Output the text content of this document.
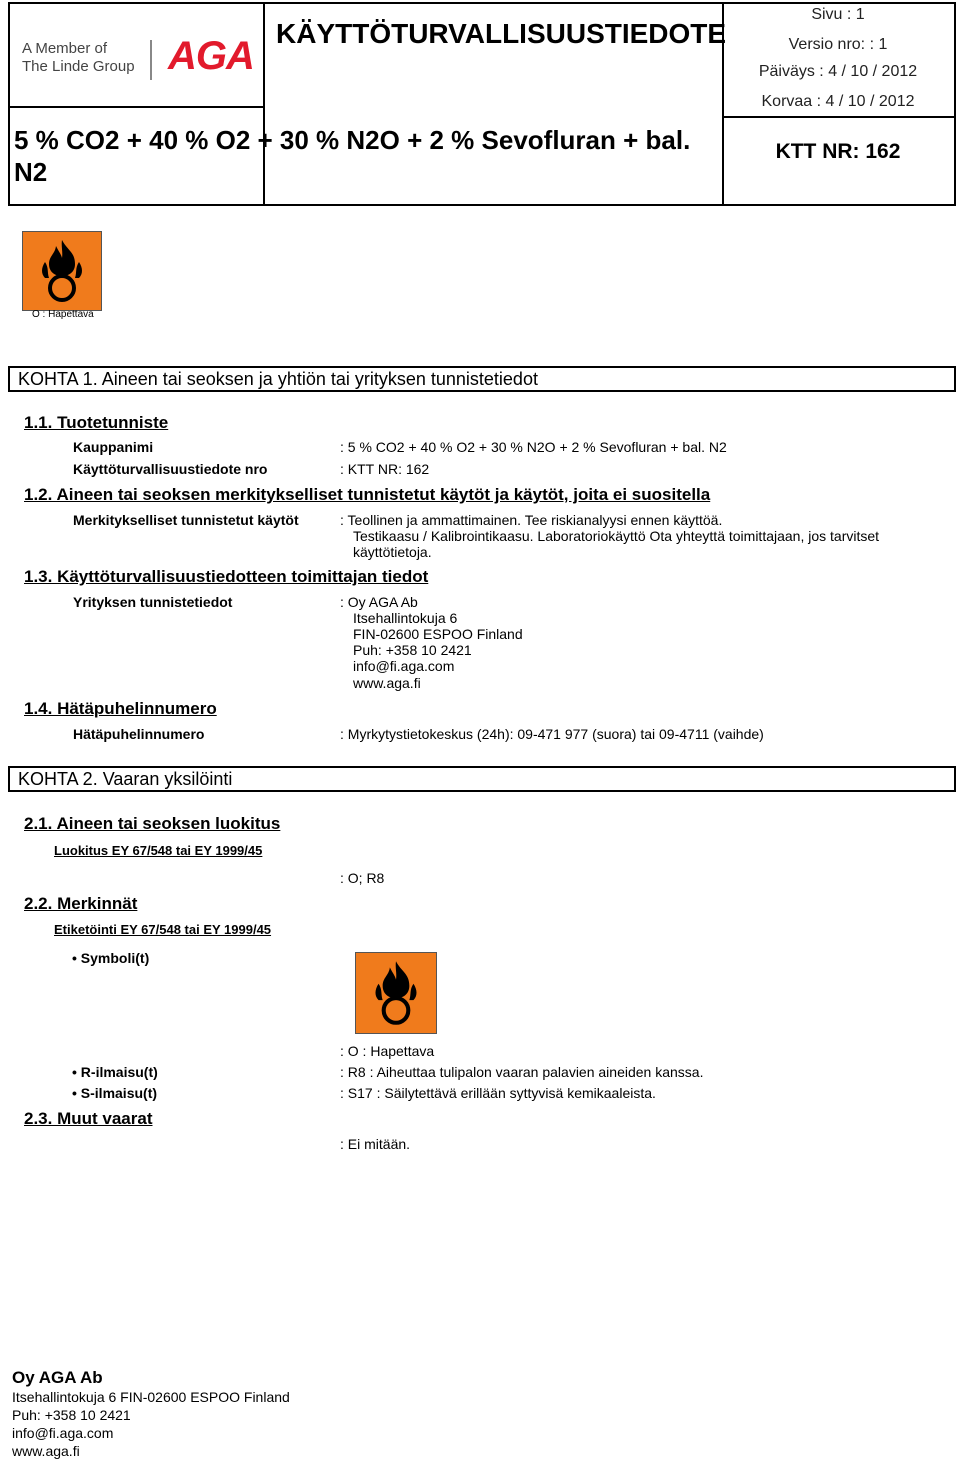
A Member of
The Linde Group AGA
KÄYTTÖTURVALLISUUSTIEDOTE
5 % CO2 + 40 % O2 + 30 % N2O + 2 % Sevofluran + bal. N2
Sivu : 1
Versio nro: : 1
Päiväys : 4 / 10 / 2012
Korvaa : 4 / 10 / 2012
KTT NR: 162
O : Hapettava
KOHTA 1. Aineen tai seoksen ja yhtiön tai yrityksen tunnistetiedot
1.1. Tuotetunniste
Kauppanimi	: 5 % CO2 + 40 % O2 + 30 % N2O + 2 % Sevofluran + bal. N2
Käyttöturvallisuustiedote nro	: KTT NR: 162
1.2. Aineen tai seoksen merkitykselliset tunnistetut käytöt ja käytöt, joita ei suositella
Merkitykselliset tunnistetut käytöt	: Teollinen ja ammattimainen. Tee riskianalyysi ennen käyttöä.
Testikaasu / Kalibrointikaasu. Laboratoriokäyttö Ota yhteyttä toimittajaan, jos tarvitset
käyttötietoja.
1.3. Käyttöturvallisuustiedotteen toimittajan tiedot
Yrityksen tunnistetiedot	: Oy AGA Ab
Itsehallintokuja 6
FIN-02600 ESPOO Finland
Puh: +358 10 2421
info@fi.aga.com
www.aga.fi
1.4. Hätäpuhelinnumero
Hätäpuhelinnumero	: Myrkytystietokeskus (24h): 09-471 977 (suora) tai 09-4711 (vaihde)
KOHTA 2. Vaaran yksilöinti
2.1. Aineen tai seoksen luokitus
Luokitus EY 67/548 tai EY 1999/45
: O; R8
2.2. Merkinnät
Etiketöinti EY 67/548 tai EY 1999/45
• Symboli(t)
: O : Hapettava
• R-ilmaisu(t)	: R8 : Aiheuttaa tulipalon vaaran palavien aineiden kanssa.
• S-ilmaisu(t)	: S17 : Säilytettävä erillään syttyvisä kemikaaleista.
2.3. Muut vaarat
: Ei mitään.
Oy AGA Ab
Itsehallintokuja 6 FIN-02600 ESPOO Finland
Puh: +358 10 2421
info@fi.aga.com
www.aga.fi
